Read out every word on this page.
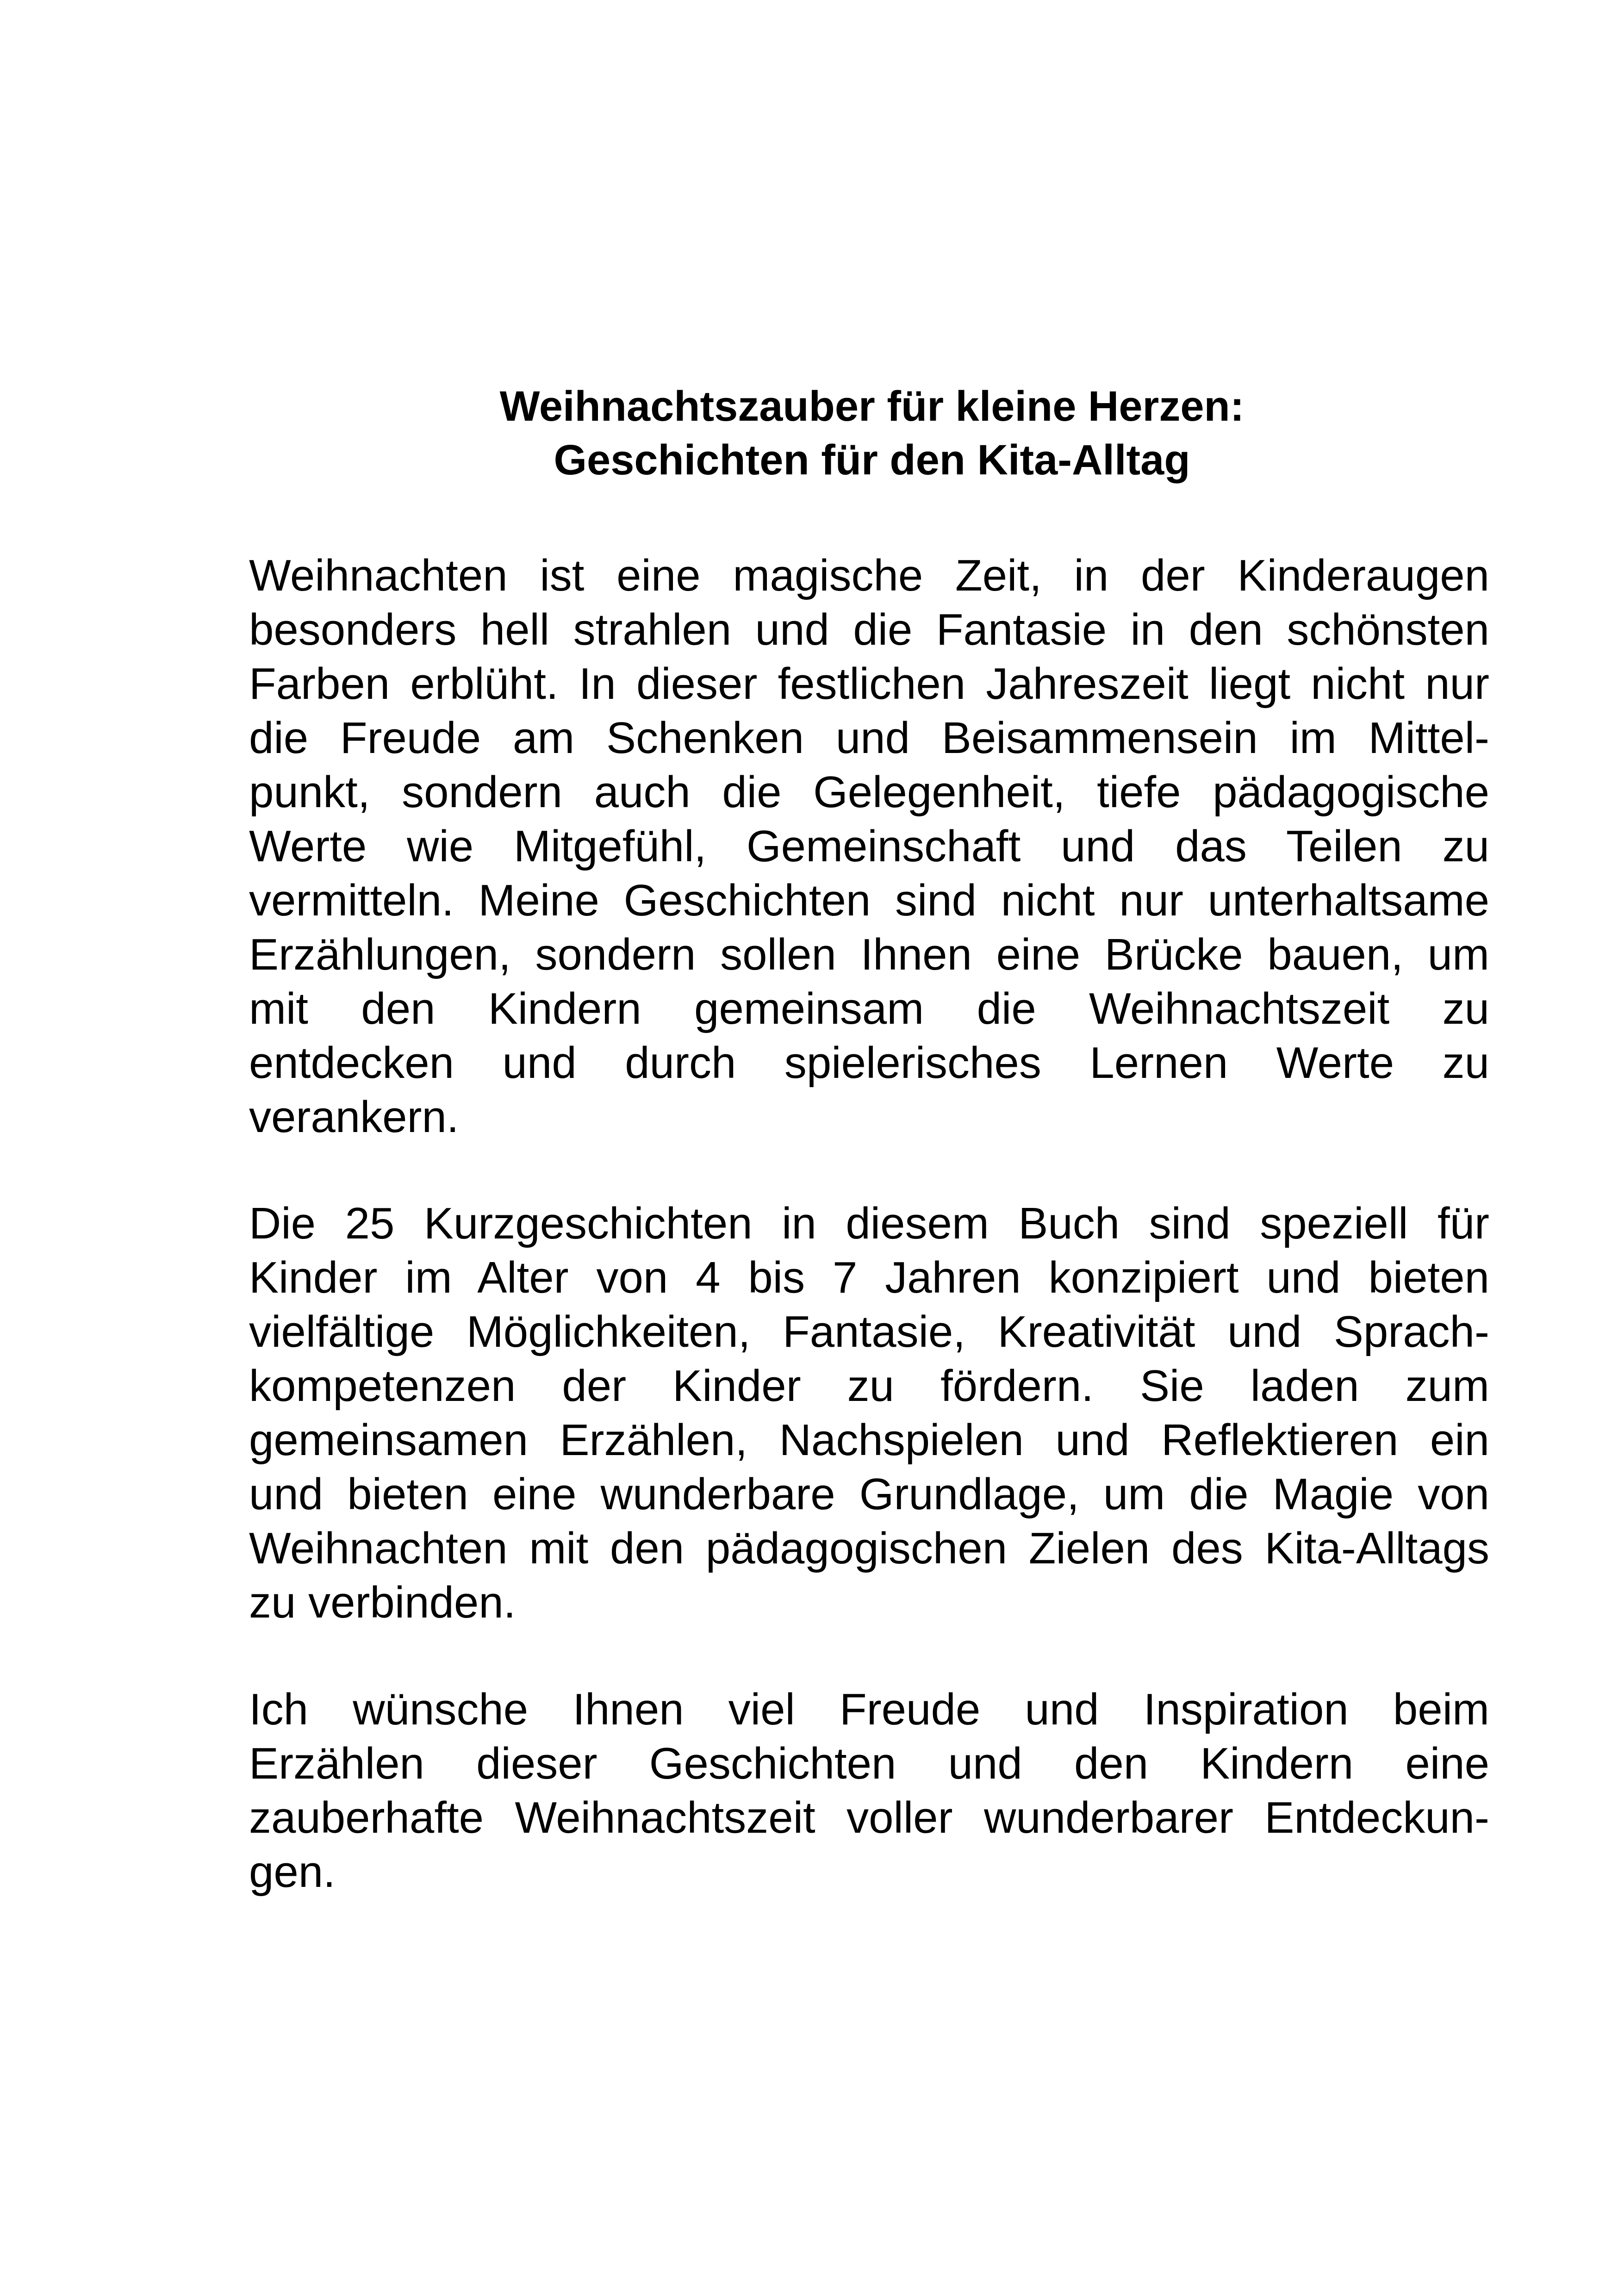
Weihnachtszauber für kleine Herzen:
Geschichten für den Kita-Alltag
Weihnachten ist eine magische Zeit, in der Kinderaugen
besonders hell strahlen und die Fantasie in den schönsten
Farben erblüht. In dieser festlichen Jahreszeit liegt nicht nur
die Freude am Schenken und Beisammensein im Mittel-
punkt, sondern auch die Gelegenheit, tiefe pädagogische
Werte wie Mitgefühl, Gemeinschaft und das Teilen zu
vermitteln. Meine Geschichten sind nicht nur unterhaltsame
Erzählungen, sondern sollen Ihnen eine Brücke bauen, um
mit den Kindern gemeinsam die Weihnachtszeit zu
entdecken und durch spielerisches Lernen Werte zu
verankern.
Die 25 Kurzgeschichten in diesem Buch sind speziell für
Kinder im Alter von 4 bis 7 Jahren konzipiert und bieten
vielfältige Möglichkeiten, Fantasie, Kreativität und Sprach-
kompetenzen der Kinder zu fördern. Sie laden zum
gemeinsamen Erzählen, Nachspielen und Reflektieren ein
und bieten eine wunderbare Grundlage, um die Magie von
Weihnachten mit den pädagogischen Zielen des Kita-Alltags
zu verbinden.
Ich wünsche Ihnen viel Freude und Inspiration beim
Erzählen dieser Geschichten und den Kindern eine
zauberhafte Weihnachtszeit voller wunderbarer Entdeckun-
gen.
